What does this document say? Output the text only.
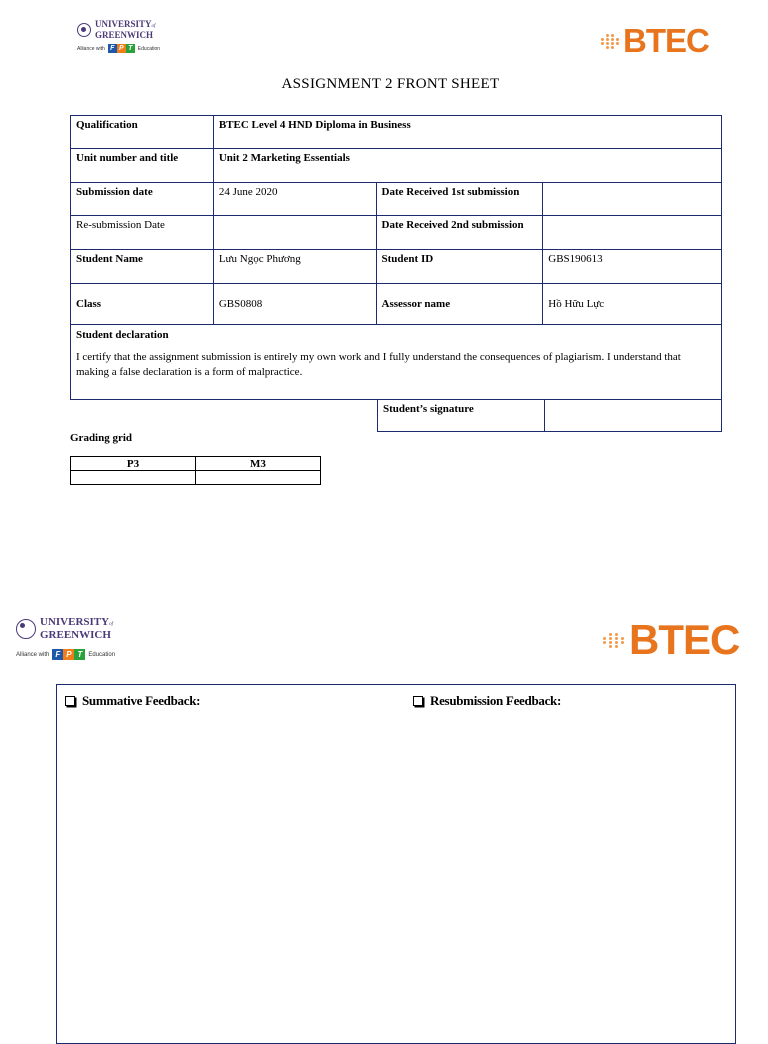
UNIVERSITYof
GREENWICH
Alliance with F P T	Education	BTEC
ASSIGNMENT 2 FRONT SHEET
Qualification	BTEC Level 4 HND Diploma in Business		
Unit number and title	Unit 2 Marketing Essentials		
Submission date	24 June 2020	Date Received 1st submission	
Re-submission Date		Date Received 2nd submission	
Student Name	Lưu Ngọc Phương	Student ID	GBS190613
Class	GBS0808	Assessor name	Hồ Hữu Lực

Student declaration
I certify that the assignment submission is entirely my own work and I fully understand the consequences of plagiarism. I understand that making a false declaration is a form of malpractice.			
Student’s signature	
Grading grid
P3	M3

UNIVERSITYof
GREENWICH
Alliance with F P T	Education	BTEC
Summative Feedback:	Resubmission Feedback:
